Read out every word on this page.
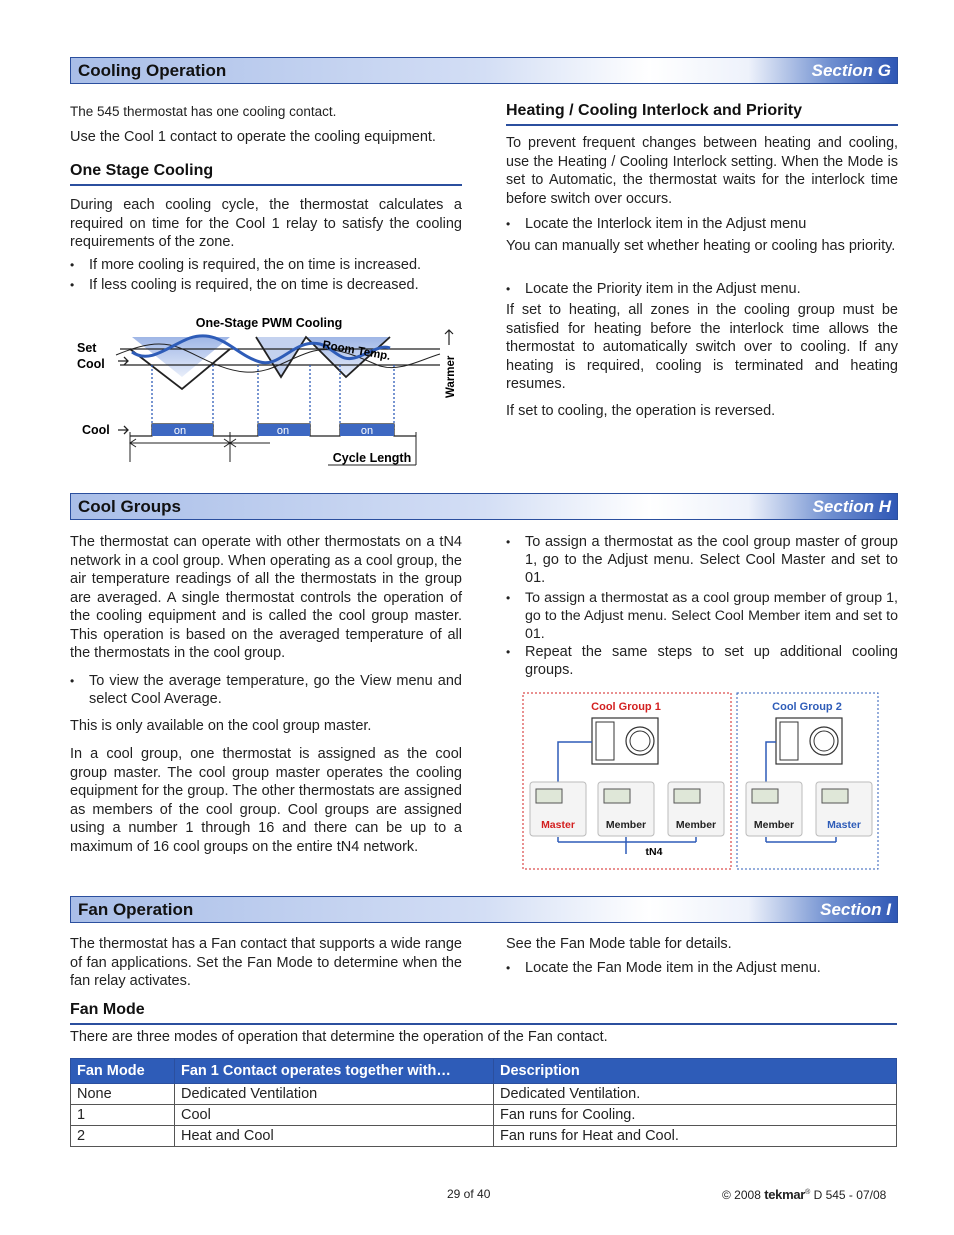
Cooling Operation	Section G
The 545 thermostat has one cooling contact.
Use the Cool 1 contact to operate the cooling equipment.
One Stage Cooling
During each cooling cycle, the thermostat calculates a required on time for the Cool 1 relay to satisfy the cooling requirements of the zone.
• If more cooling is required, the on time is increased.
• If less cooling is required, the on time is decreased.
One-Stage PWM Cooling
Set
Cool
Room Temp.
Warmer
Cool	on	on	on
Cycle Length
Heating / Cooling Interlock and Priority
To prevent frequent changes between heating and cooling, use the Heating / Cooling Interlock setting. When the Mode is set to Automatic, the thermostat waits for the interlock time before switch over occurs.
• Locate the Interlock item in the Adjust menu
You can manually set whether heating or cooling has priority.
• Locate the Priority item in the Adjust menu.
If set to heating, all zones in the cooling group must be satisfied for heating before the interlock time allows the thermostat to automatically switch over to cooling. If any heating is required, cooling is terminated and heating resumes.
If set to cooling, the operation is reversed.
Cool Groups	Section H
The thermostat can operate with other thermostats on a tN4 network in a cool group. When operating as a cool group, the air temperature readings of all the thermostats in the group are averaged. A single thermostat controls the operation of the cooling equipment and is called the cool group master. This operation is based on the averaged temperature of all the thermostats in the cool group.
• To view the average temperature, go the View menu and select Cool Average.
This is only available on the cool group master.
In a cool group, one thermostat is assigned as the cool group master. The cool group master operates the cooling equipment for the group. The other thermostats are assigned as members of the cool group. Cool groups are assigned using a number 1 through 16 and there can be up to a maximum of 16 cool groups on the entire tN4 network.
• To assign a thermostat as the cool group master of group 1, go to the Adjust menu. Select Cool Master and set to 01.
• To assign a thermostat as a cool group member of group 1, go to the Adjust menu. Select Cool Member item and set to 01.
• Repeat the same steps to set up additional cooling groups.
Cool Group 1	Cool Group 2
tN4
Master	Member	Member	Member	Master
Fan Operation	Section I
The thermostat has a Fan contact that supports a wide range of fan applications. Set the Fan Mode to determine when the fan relay activates.
See the Fan Mode table for details.
• Locate the Fan Mode item in the Adjust menu.
Fan Mode
There are three modes of operation that determine the operation of the Fan contact.
Fan Mode	Fan 1 Contact operates together with…	Description
None	Dedicated Ventilation	Dedicated Ventilation.
1	Cool	Fan runs for Cooling.
2	Heat and Cool	Fan runs for Heat and Cool.
29 of 40	© 2008 tekmar® D 545 - 07/08
